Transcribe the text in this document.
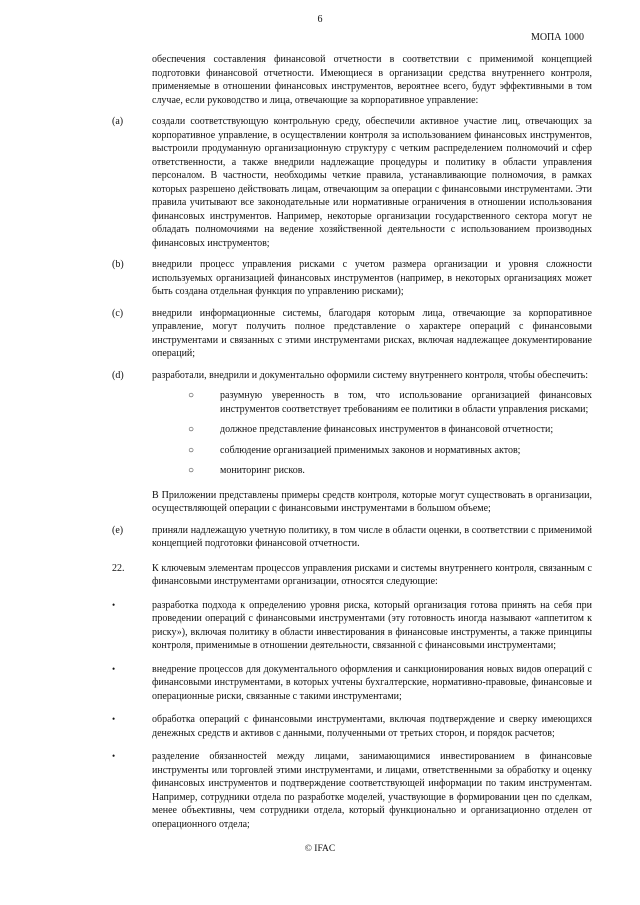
6
МОПА 1000

обеспечения составления финансовой отчетности в соответствии с применимой концепцией подготовки финансовой отчетности. Имеющиеся в организации средства внутреннего контроля, применяемые в отношении финансовых инструментов, вероятнее всего, будут эффективными в том случае, если руководство и лица, отвечающие за корпоративное управление:

(a)	создали соответствующую контрольную среду, обеспечили активное участие лиц, отвечающих за корпоративное управление, в осуществлении контроля за использованием финансовых инструментов, выстроили продуманную организационную структуру с четким распределением полномочий и сфер ответственности, а также внедрили надлежащие процедуры и политику в области управления персоналом. В частности, необходимы четкие правила, устанавливающие полномочия, в рамках которых разрешено действовать лицам, отвечающим за операции с финансовыми инструментами. Эти правила учитывают все законодательные или нормативные ограничения в отношении использования финансовых инструментов. Например, некоторые организации государственного сектора могут не обладать полномочиями на ведение хозяйственной деятельности с использованием производных финансовых инструментов;

(b)	внедрили процесс управления рисками с учетом размера организации и уровня сложности используемых организацией финансовых инструментов (например, в некоторых организациях может быть создана отдельная функция по управлению рисками);

(c)	внедрили информационные системы, благодаря которым лица, отвечающие за корпоративное управление, могут получить полное представление о характере операций с финансовыми инструментами и связанных с этими инструментами рисках, включая надлежащее документирование операций;

(d)	разработали, внедрили и документально оформили систему внутреннего контроля, чтобы обеспечить:

○	разумную уверенность в том, что использование организацией финансовых инструментов соответствует требованиям ее политики в области управления рисками;

○	должное представление финансовых инструментов в финансовой отчетности;

○	соблюдение организацией применимых законов и нормативных актов;

○	мониторинг рисков.

В Приложении представлены примеры средств контроля, которые могут существовать в организации, осуществляющей операции с финансовыми инструментами в большом объеме;

(e)	приняли надлежащую учетную политику, в том числе в области оценки, в соответствии с применимой концепцией подготовки финансовой отчетности.

22.	К ключевым элементам процессов управления рисками и системы внутреннего контроля, связанным с финансовыми инструментами организации, относятся следующие:

•	разработка подхода к определению уровня риска, который организация готова принять на себя при проведении операций с финансовыми инструментами (эту готовность иногда называют «аппетитом к риску»), включая политику в области инвестирования в финансовые инструменты, а также принципы контроля, применимые в отношении деятельности, связанной с финансовыми инструментами;

•	внедрение процессов для документального оформления и санкционирования новых видов операций с финансовыми инструментами, в которых учтены бухгалтерские, нормативно-правовые, финансовые и операционные риски, связанные с такими инструментами;

•	обработка операций с финансовыми инструментами, включая подтверждение и сверку имеющихся денежных средств и активов с данными, полученными от третьих сторон, и порядок расчетов;

•	разделение обязанностей между лицами, занимающимися инвестированием в финансовые инструменты или торговлей этими инструментами, и лицами, ответственными за обработку и оценку финансовых инструментов и подтверждение соответствующей информации по таким инструментам. Например, сотрудники отдела по разработке моделей, участвующие в формировании цен по сделкам, менее объективны, чем сотрудники отдела, который функционально и организационно отделен от операционного отдела;

© IFAC
